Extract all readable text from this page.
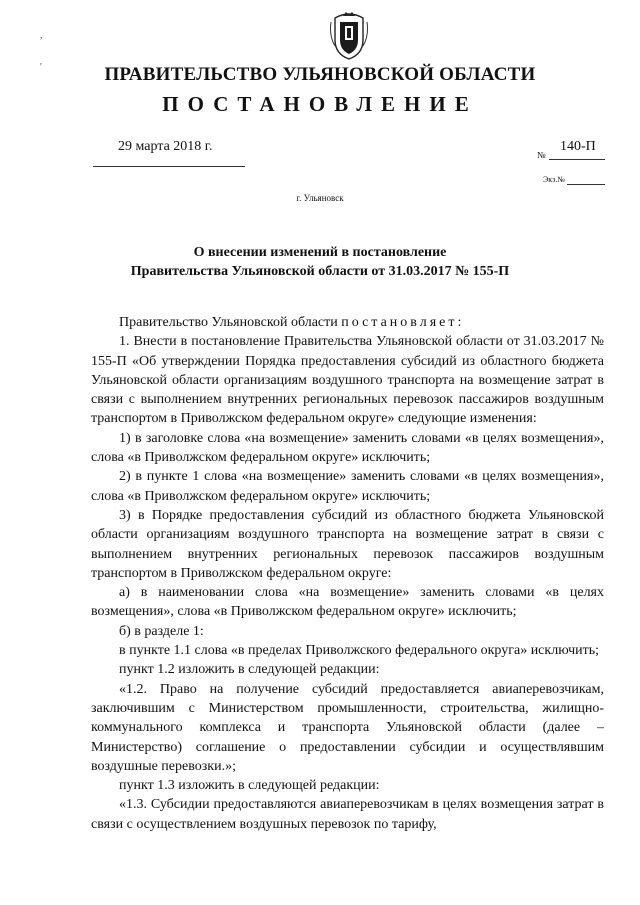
,
'	ПРАВИТЕЛЬСТВО УЛЬЯНОВСКОЙ ОБЛАСТИ
ПОСТАНОВЛЕНИЕ
29 марта 2018 г.
№
140-П
Экз.№
г. Ульяновск
О внесении изменений в постановление
Правительства Ульяновской области от 31.03.2017 № 155-П

Правительство Ульяновской области постановляет:

1. Внести в постановление Правительства Ульяновской области от 31.03.2017 № 155-П «Об утверждении Порядка предоставления субсидий из областного бюджета Ульяновской области организациям воздушного транспорта на возмещение затрат в связи с выполнением внутренних региональных перевозок пассажиров воздушным транспортом в Приволжском федеральном округе» следующие изменения:

1) в заголовке слова «на возмещение» заменить словами «в целях возмещения», слова «в Приволжском федеральном округе» исключить;

2) в пункте 1 слова «на возмещение» заменить словами «в целях возмещения», слова «в Приволжском федеральном округе» исключить;

3) в Порядке предоставления субсидий из областного бюджета Ульяновской области организациям воздушного транспорта на возмещение затрат в связи с выполнением внутренних региональных перевозок пассажиров воздушным транспортом в Приволжском федеральном округе:

а) в наименовании слова «на возмещение» заменить словами «в целях возмещения», слова «в Приволжском федеральном округе» исключить;

б) в разделе 1:

в пункте 1.1 слова «в пределах Приволжского федерального округа» исключить;

пункт 1.2 изложить в следующей редакции:

«1.2. Право на получение субсидий предоставляется авиаперевозчикам, заключившим с Министерством промышленности, строительства, жилищно-коммунального комплекса и транспорта Ульяновской области (далее – Министерство) соглашение о предоставлении субсидии и осуществлявшим воздушные перевозки.»;

пункт 1.3 изложить в следующей редакции:

«1.3. Субсидии предоставляются авиаперевозчикам в целях возмещения затрат в связи с осуществлением воздушных перевозок по тарифу,
